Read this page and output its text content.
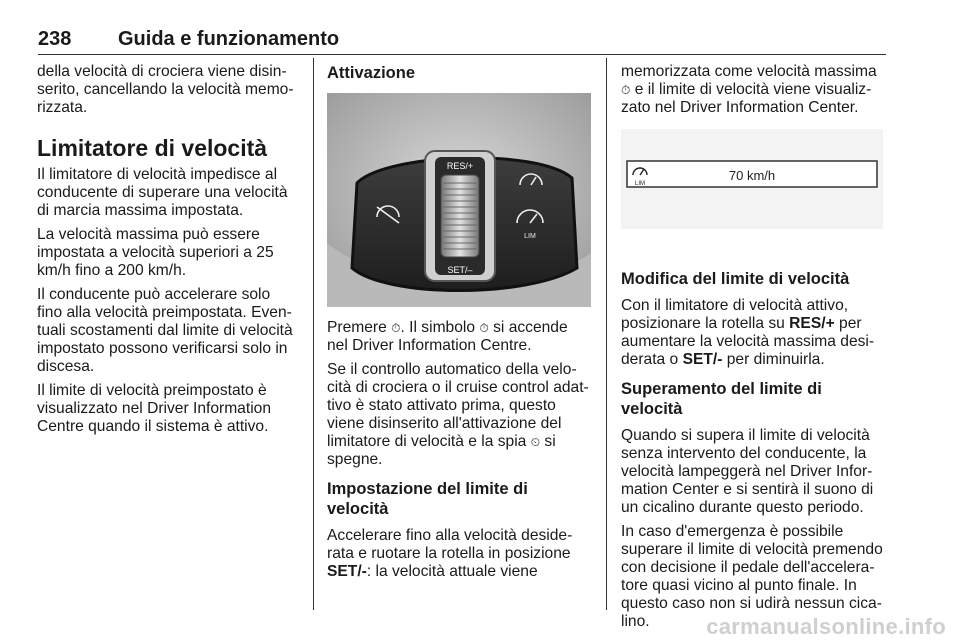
238 Guida e funzionamento

della velocità di crociera viene disinserito, cancellando la velocità memorizzata.

Limitatore di velocità

Il limitatore di velocità impedisce al conducente di superare una velocità di marcia massima impostata.

La velocità massima può essere impostata a velocità superiori a 25 km/h fino a 200 km/h.

Il conducente può accelerare solo fino alla velocità preimpostata. Eventuali scostamenti dal limite di velocità impostato possono verificarsi solo in discesa.

Il limite di velocità preimpostato è visualizzato nel Driver Information Centre quando il sistema è attivo.

Attivazione
RES/+
SET/–
LIM

Premere ⏱. Il simbolo ⏱ si accende nel Driver Information Centre.

Se il controllo automatico della velocità di crociera o il cruise control adattivo è stato attivato prima, questo viene disinserito all'attivazione del limitatore di velocità e la spia ⏲ si spegne.

Impostazione del limite di velocità

Accelerare fino alla velocità desiderata e ruotare la rotella in posizione SET/-: la velocità attuale viene

memorizzata come velocità massima ⏱ e il limite di velocità viene visualizzato nel Driver Information Center.

LIM
70 km/h
Modifica del limite di velocità

Con il limitatore di velocità attivo, posizionare la rotella su RES/+ per aumentare la velocità massima desiderata o SET/- per diminuirla.

Superamento del limite di velocità

Quando si supera il limite di velocità senza intervento del conducente, la velocità lampeggerà nel Driver Information Center e si sentirà il suono di un cicalino durante questo periodo.

In caso d'emergenza è possibile superare il limite di velocità premendo con decisione il pedale dell'acceleratore quasi vicino al punto finale. In questo caso non si udirà nessun cicalino.	carmanualsonline.info
